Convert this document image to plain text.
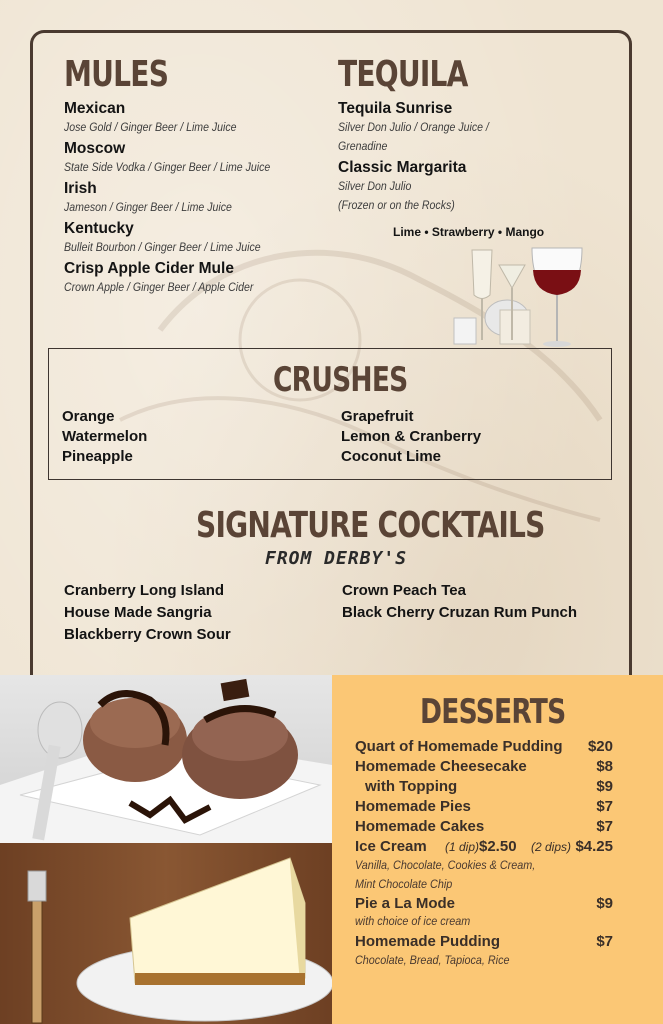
MULES
Mexican
Jose Gold / Ginger Beer / Lime Juice
Moscow
State Side Vodka / Ginger Beer / Lime Juice
Irish
Jameson / Ginger Beer / Lime Juice
Kentucky
Bulleit Bourbon / Ginger Beer / Lime Juice
Crisp Apple Cider Mule
Crown Apple / Ginger Beer / Apple Cider
TEQUILA
Tequila Sunrise
Silver Don Julio / Orange Juice /
Grenadine
Classic Margarita
Silver Don Julio
(Frozen or on the Rocks)
Lime • Strawberry • Mango
CRUSHES
Orange
Watermelon
Pineapple
Grapefruit
Lemon & Cranberry
Coconut Lime
SIGNATURE COCKTAILS
FROM DERBY'S
Cranberry Long Island
House Made Sangria
Blackberry Crown Sour
Crown Peach Tea
Black Cherry Cruzan Rum Punch
DESSERTS
Quart of Homemade Pudding $20
Homemade Cheesecake	$8
with Topping	$9
Homemade Pies	$7
Homemade Cakes	$7
Ice Cream (1 dip) $2.50 (2 dips) $4.25
Vanilla, Chocolate, Cookies & Cream,
Mint Chocolate Chip
Pie a La Mode	$9
with choice of ice cream
Homemade Pudding	$7
Chocolate, Bread, Tapioca, Rice
